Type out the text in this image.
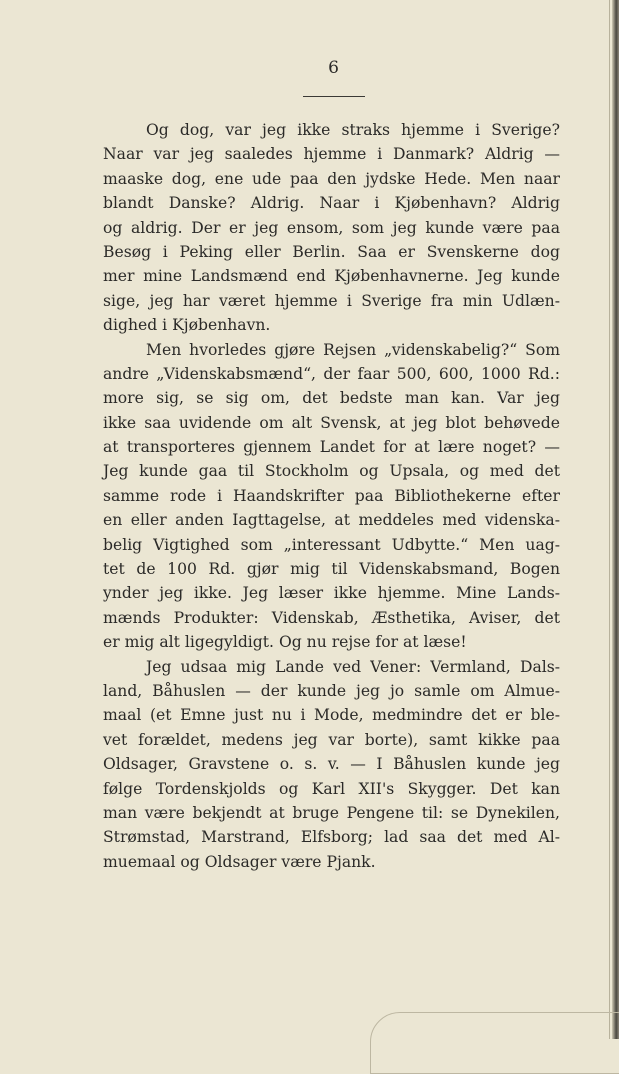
6
Og dog, var jeg ikke straks hjemme i Sverige?
Naar var jeg saaledes hjemme i Danmark? Aldrig —
maaske dog, ene ude paa den jydske Hede. Men naar
blandt Danske? Aldrig. Naar i Kjøbenhavn? Aldrig
og aldrig. Der er jeg ensom, som jeg kunde være paa
Besøg i Peking eller Berlin. Saa er Svenskerne dog
mer mine Landsmænd end Kjøbenhavnerne. Jeg kunde
sige, jeg har været hjemme i Sverige fra min Udlæn-
dighed i Kjøbenhavn.
Men hvorledes gjøre Rejsen „videnskabelig?“ Som
andre „Videnskabsmænd“, der faar 500, 600, 1000 Rd.:
more sig, se sig om, det bedste man kan. Var jeg
ikke saa uvidende om alt Svensk, at jeg blot behøvede
at transporteres gjennem Landet for at lære noget? —
Jeg kunde gaa til Stockholm og Upsala, og med det
samme rode i Haandskrifter paa Bibliothekerne efter
en eller anden Iagttagelse, at meddeles med videnska-
belig Vigtighed som „interessant Udbytte.“ Men uag-
tet de 100 Rd. gjør mig til Videnskabsmand, Bogen
ynder jeg ikke. Jeg læser ikke hjemme. Mine Lands-
mænds Produkter: Videnskab, Æsthetika, Aviser, det
er mig alt ligegyldigt. Og nu rejse for at læse!
Jeg udsaa mig Lande ved Vener: Vermland, Dals-
land, Båhuslen — der kunde jeg jo samle om Almue-
maal (et Emne just nu i Mode, medmindre det er ble-
vet forældet, medens jeg var borte), samt kikke paa
Oldsager, Gravstene o. s. v. — I Båhuslen kunde jeg
følge Tordenskjolds og Karl XII's Skygger. Det kan
man være bekjendt at bruge Pengene til: se Dynekilen,
Strømstad, Marstrand, Elfsborg; lad saa det med Al-
muemaal og Oldsager være Pjank.
